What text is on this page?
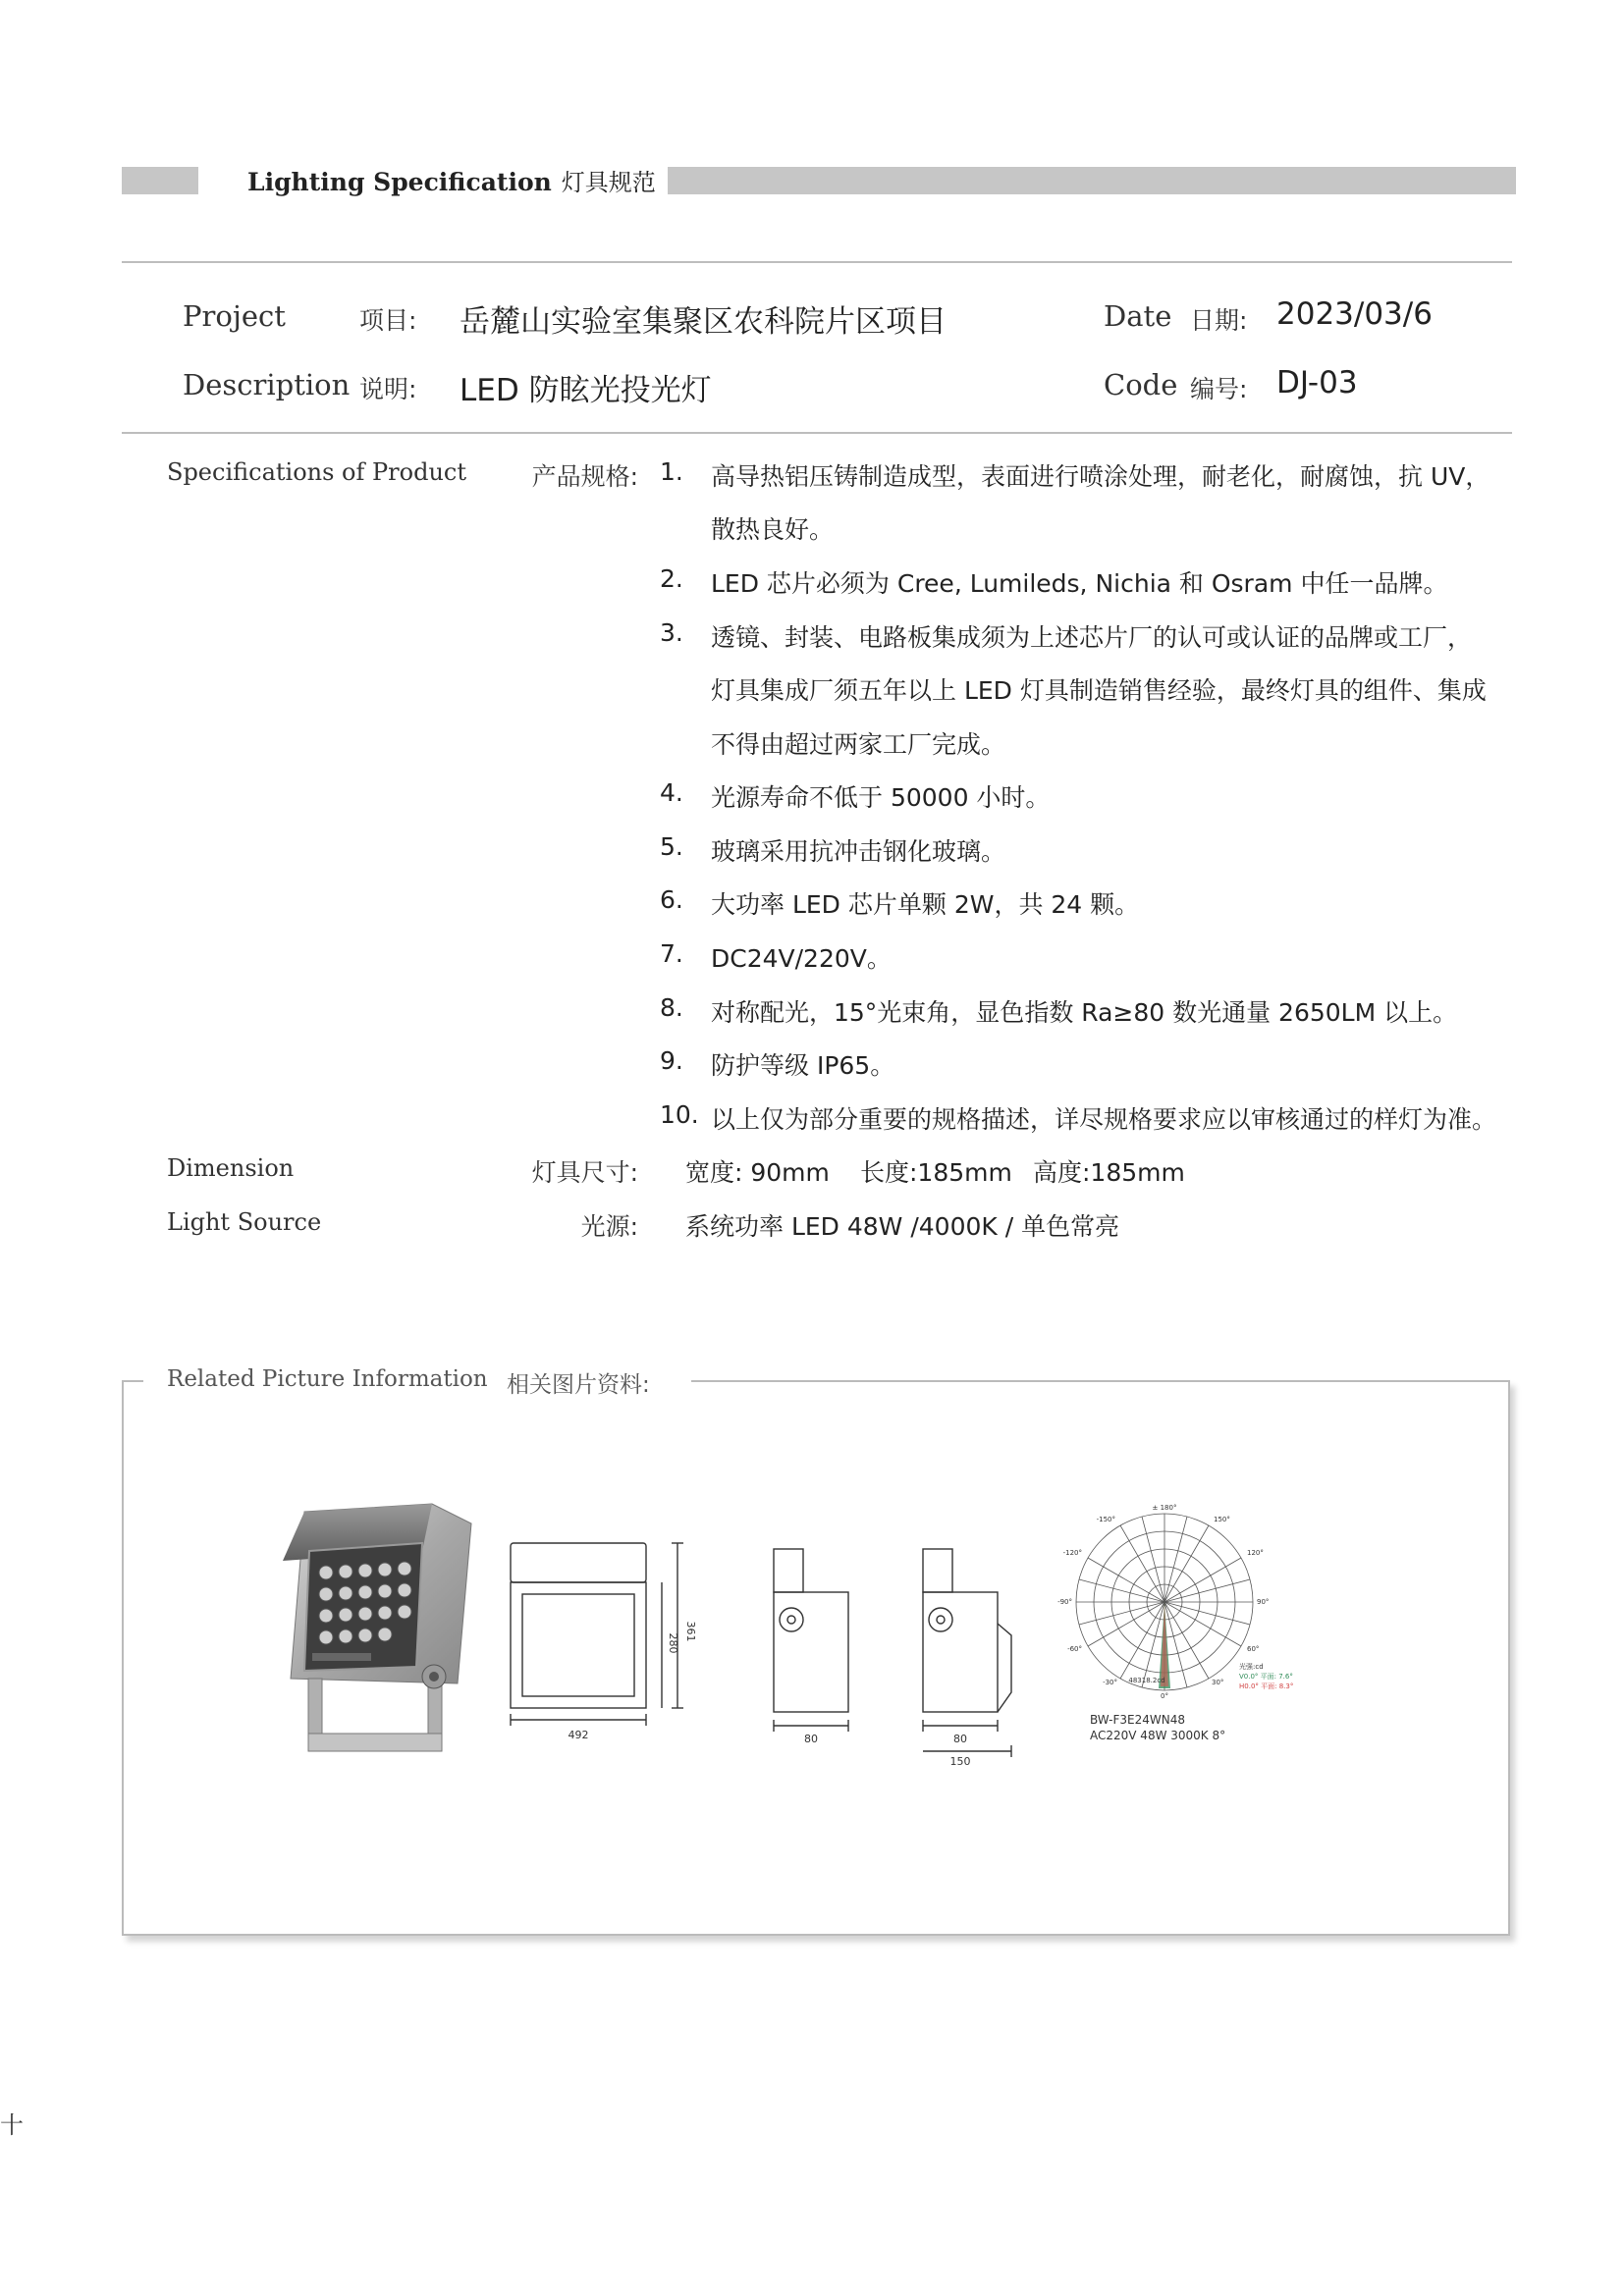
Lighting Specification 灯具规范
Project	项目: 岳麓山实验室集聚区农科院片区项目	Date 日期: 2023/03/6
Description 说明: LED 防眩光投光灯	Code 编号: DJ-03
Specifications of Product	产品规格: 1. 高导热铝压铸制造成型，表面进行喷涂处理，耐老化，耐腐蚀，抗 UV，
散热良好。
2. LED 芯片必须为 Cree, Lumileds, Nichia 和 Osram 中任一品牌。
3. 透镜、封装、电路板集成须为上述芯片厂的认可或认证的品牌或工厂，
灯具集成厂须五年以上 LED 灯具制造销售经验，最终灯具的组件、集成
不得由超过两家工厂完成。
4. 光源寿命不低于 50000 小时。
5. 玻璃采用抗冲击钢化玻璃。
6. 大功率 LED 芯片单颗 2W，共 24 颗。
7. DC24V/220V。
8. 对称配光，15°光束角，显色指数 Ra≥80 数光通量 2650LM 以上。
9. 防护等级 IP65。
10. 以上仅为部分重要的规格描述，详尽规格要求应以审核通过的样灯为准。
Dimension	灯具尺寸: 宽度: 90mm 长度:185mm 高度:185mm
Light Source	光源: 系统功率 LED 48W /4000K / 单色常亮
Related Picture Information 相关图片资料:
492
361
280
80	80
150
± 180°
-150°	150°
-120°	120°
-90°	90°
-60°	60°
-30°	30°
0°
48318.2cd
光强:cd
V0.0° 平面: 7.6°
H0.0° 平面: 8.3°
BW-F3E24WN48
AC220V 48W 3000K 8°
十
